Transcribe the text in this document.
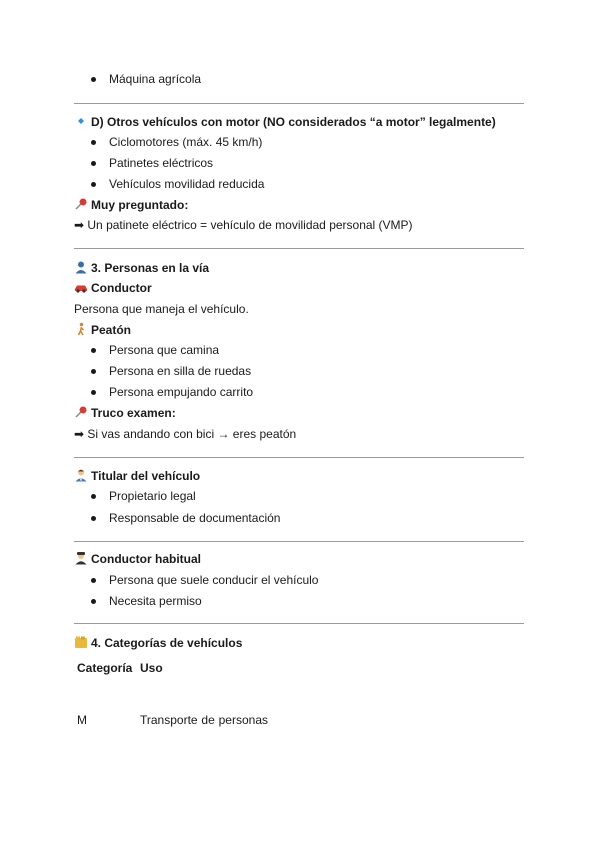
Máquina agrícola
D) Otros vehículos con motor (NO considerados “a motor” legalmente)
Ciclomotores (máx. 45 km/h)
Patinetes eléctricos
Vehículos movilidad reducida
Muy preguntado:
➡ Un patinete eléctrico = vehículo de movilidad personal (VMP)
3. Personas en la vía
Conductor
Persona que maneja el vehículo.
Peatón
Persona que camina
Persona en silla de ruedas
Persona empujando carrito
Truco examen:
➡ Si vas andando con bici → eres peatón
Titular del vehículo
Propietario legal
Responsable de documentación
Conductor habitual
Persona que suele conducir el vehículo
Necesita permiso
4. Categorías de vehículos
Categoría Uso
M	Transporte de personas
